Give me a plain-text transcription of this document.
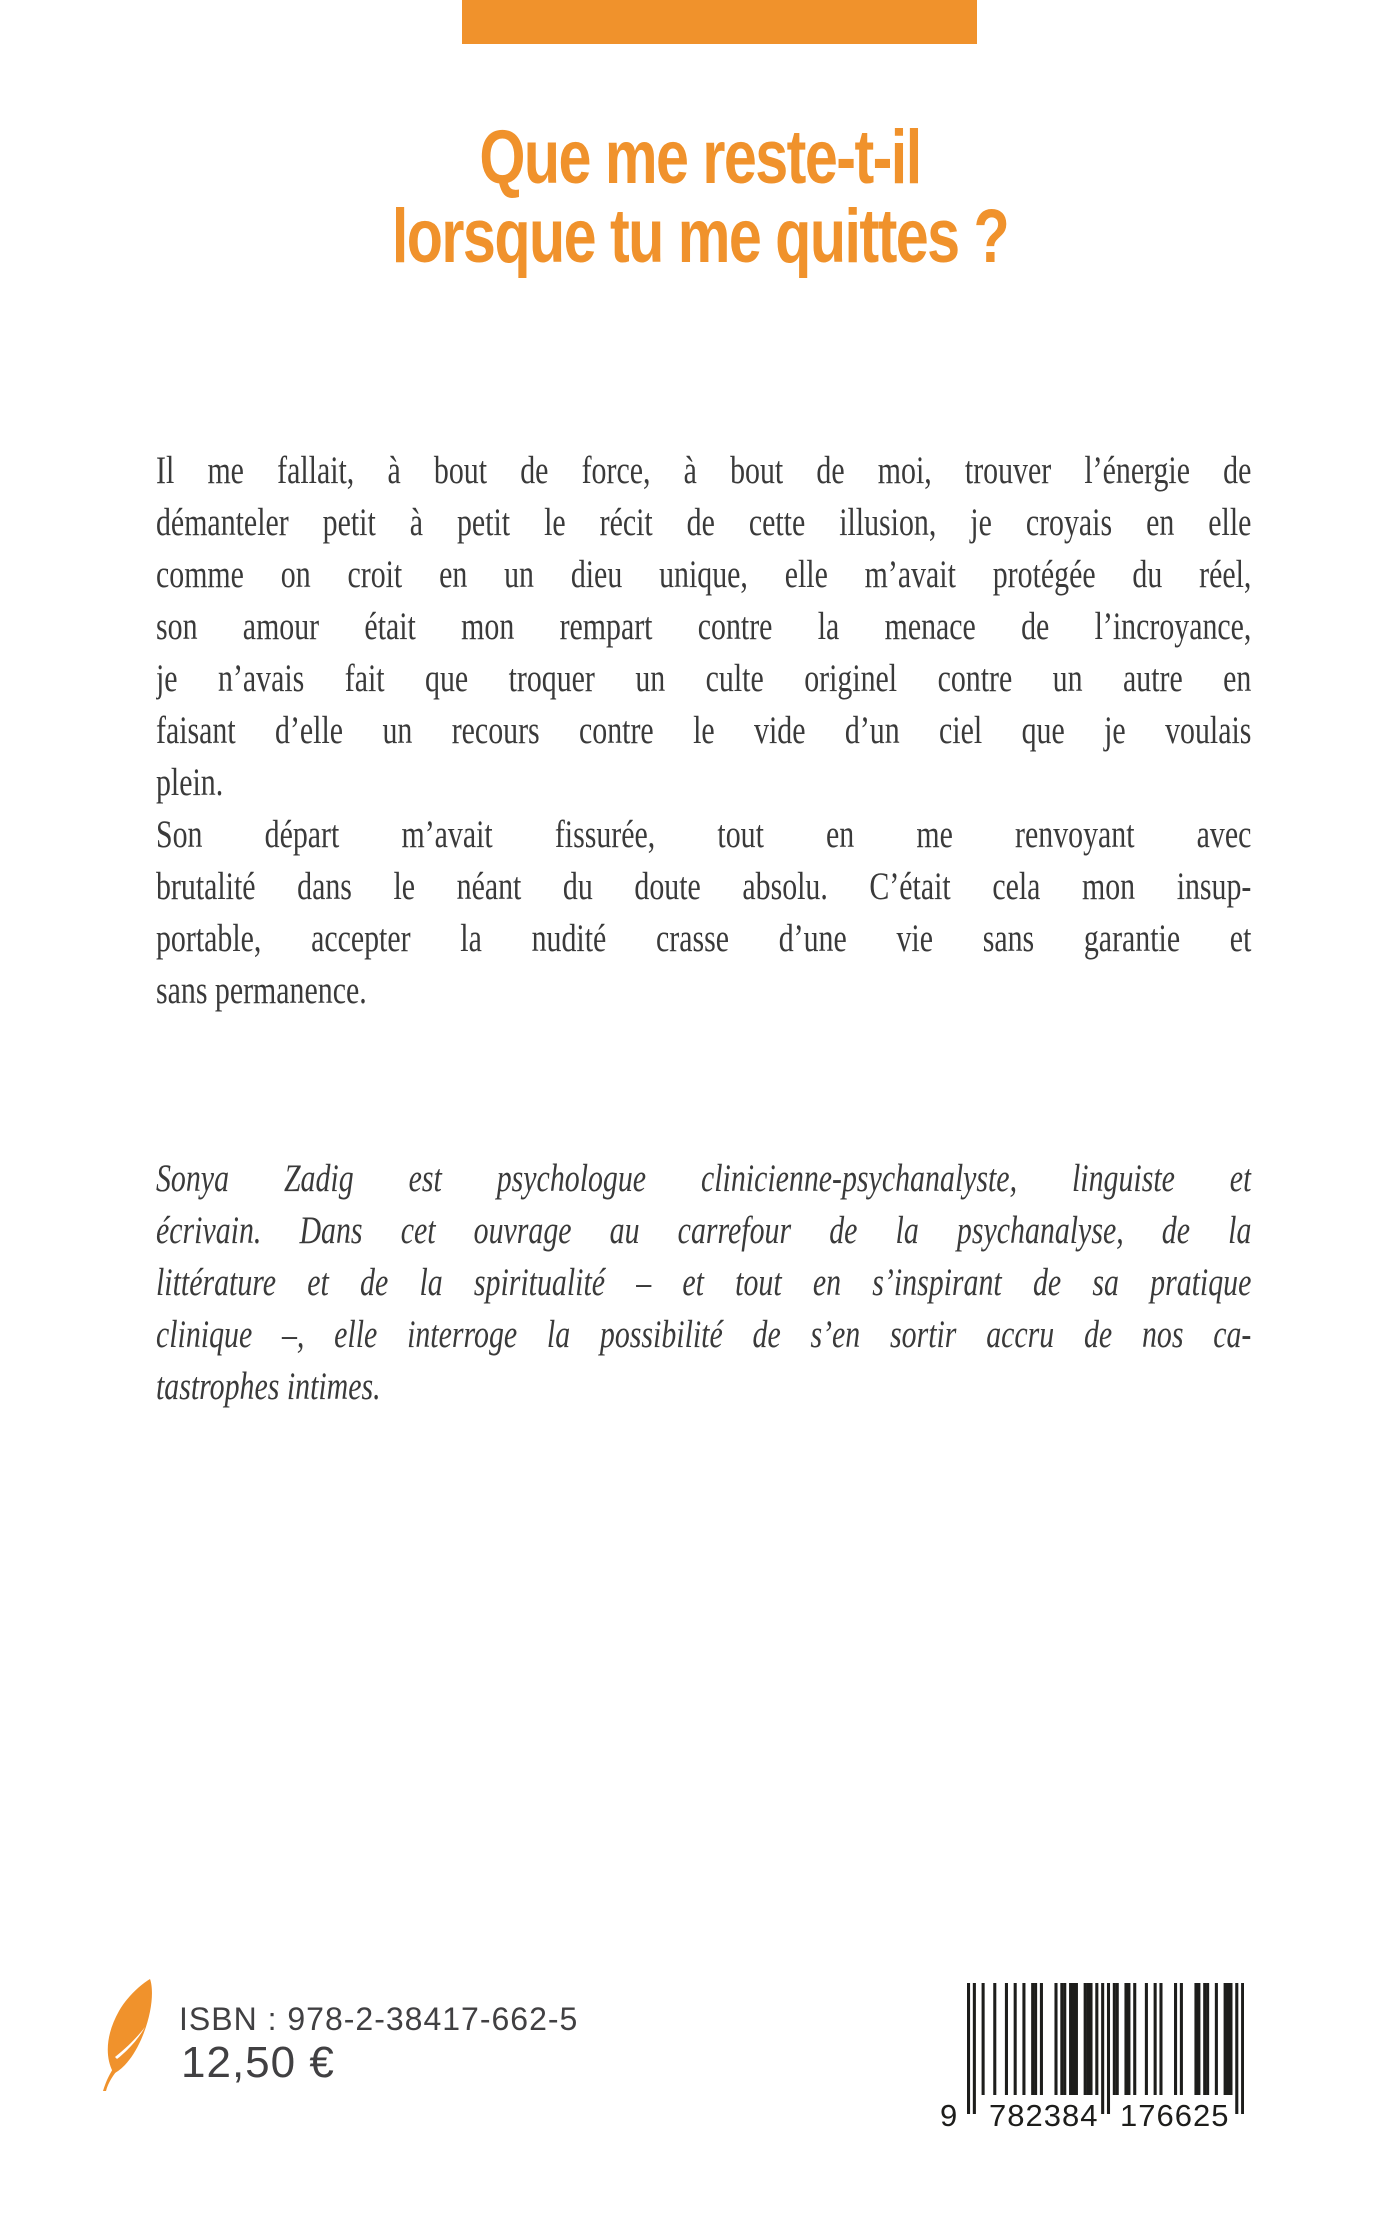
Que me reste-t-il
lorsque tu me quittes ?
Il me fallait, à bout de force, à bout de moi, trouver l’énergie de
démanteler petit à petit le récit de cette illusion, je croyais en elle
comme on croit en un dieu unique, elle m’avait protégée du réel,
son amour était mon rempart contre la menace de l’incroyance,
je n’avais fait que troquer un culte originel contre un autre en
faisant d’elle un recours contre le vide d’un ciel que je voulais
plein.
Son départ m’avait fissurée, tout en me renvoyant avec
brutalité dans le néant du doute absolu. C’était cela mon insup-
portable, accepter la nudité crasse d’une vie sans garantie et
sans permanence.
Sonya Zadig est psychologue clinicienne-psychanalyste, linguiste et
écrivain. Dans cet ouvrage au carrefour de la psychanalyse, de la
littérature et de la spiritualité – et tout en s’inspirant de sa pratique
clinique –, elle interroge la possibilité de s’en sortir accru de nos ca-
tastrophes intimes.
ISBN : 978-2-38417-662-5
12,50 €
9 782384 176625
